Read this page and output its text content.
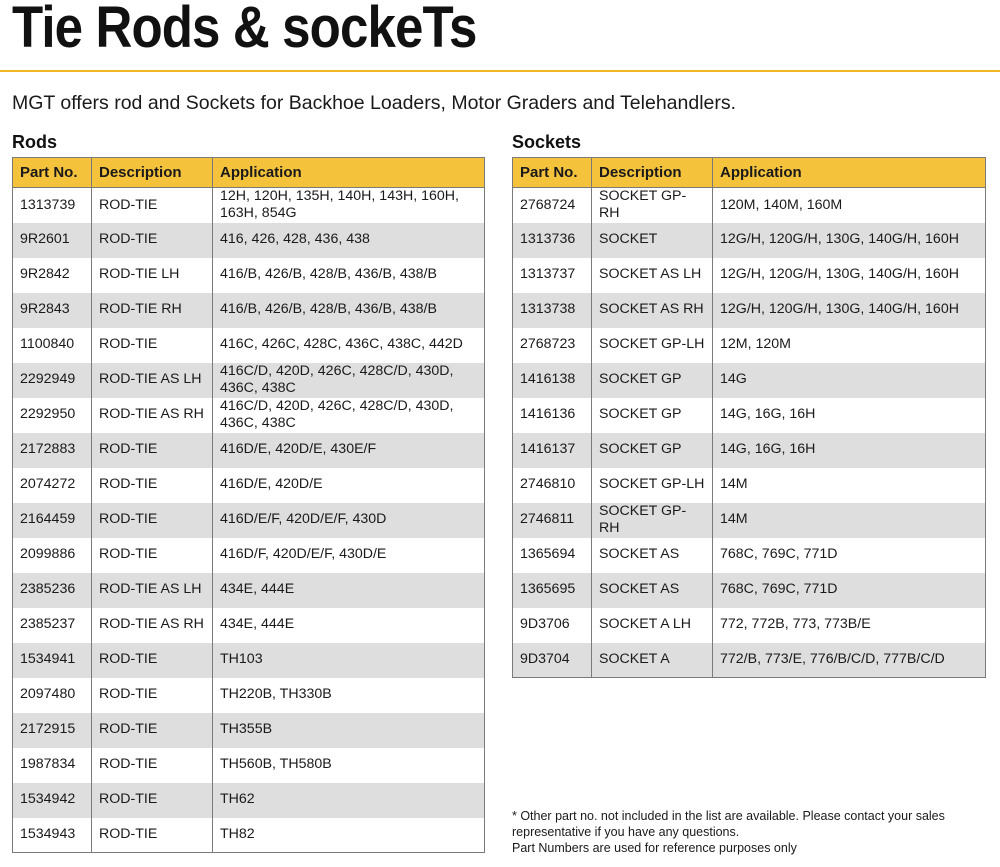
Tie Rods & sockeTs
MGT offers rod and Sockets for Backhoe Loaders, Motor Graders and Telehandlers.
Rods	Sockets
Part No.	Description	Application
1313739	ROD-TIE	12H, 120H, 135H, 140H, 143H, 160H, 163H, 854G
9R2601	ROD-TIE	416, 426, 428, 436, 438
9R2842	ROD-TIE LH	416/B, 426/B, 428/B, 436/B, 438/B
9R2843	ROD-TIE RH	416/B, 426/B, 428/B, 436/B, 438/B
1100840	ROD-TIE	416C, 426C, 428C, 436C, 438C, 442D
2292949	ROD-TIE AS LH	416C/D, 420D, 426C, 428C/D, 430D, 436C, 438C
2292950	ROD-TIE AS RH	416C/D, 420D, 426C, 428C/D, 430D, 436C, 438C
2172883	ROD-TIE	416D/E, 420D/E, 430E/F
2074272	ROD-TIE	416D/E, 420D/E
2164459	ROD-TIE	416D/E/F, 420D/E/F, 430D
2099886	ROD-TIE	416D/F, 420D/E/F, 430D/E
2385236	ROD-TIE AS LH	434E, 444E
2385237	ROD-TIE AS RH	434E, 444E
1534941	ROD-TIE	TH103
2097480	ROD-TIE	TH220B, TH330B
2172915	ROD-TIE	TH355B
1987834	ROD-TIE	TH560B, TH580B
1534942	ROD-TIE	TH62
1534943	ROD-TIE	TH82
Part No.	Description	Application
2768724	SOCKET GP-RH	120M, 140M, 160M
1313736	SOCKET	12G/H, 120G/H, 130G, 140G/H, 160H
1313737	SOCKET AS LH	12G/H, 120G/H, 130G, 140G/H, 160H
1313738	SOCKET AS RH	12G/H, 120G/H, 130G, 140G/H, 160H
2768723	SOCKET GP-LH	12M, 120M
1416138	SOCKET GP	14G
1416136	SOCKET GP	14G, 16G, 16H
1416137	SOCKET GP	14G, 16G, 16H
2746810	SOCKET GP-LH	14M
2746811	SOCKET GP-RH	14M
1365694	SOCKET AS	768C, 769C, 771D
1365695	SOCKET AS	768C, 769C, 771D
9D3706	SOCKET A LH	772, 772B, 773, 773B/E
9D3704	SOCKET A	772/B, 773/E, 776/B/C/D, 777B/C/D
* Other part no. not included in the list are available. Please contact your sales
representative if you have any questions.
Part Numbers are used for reference purposes only
